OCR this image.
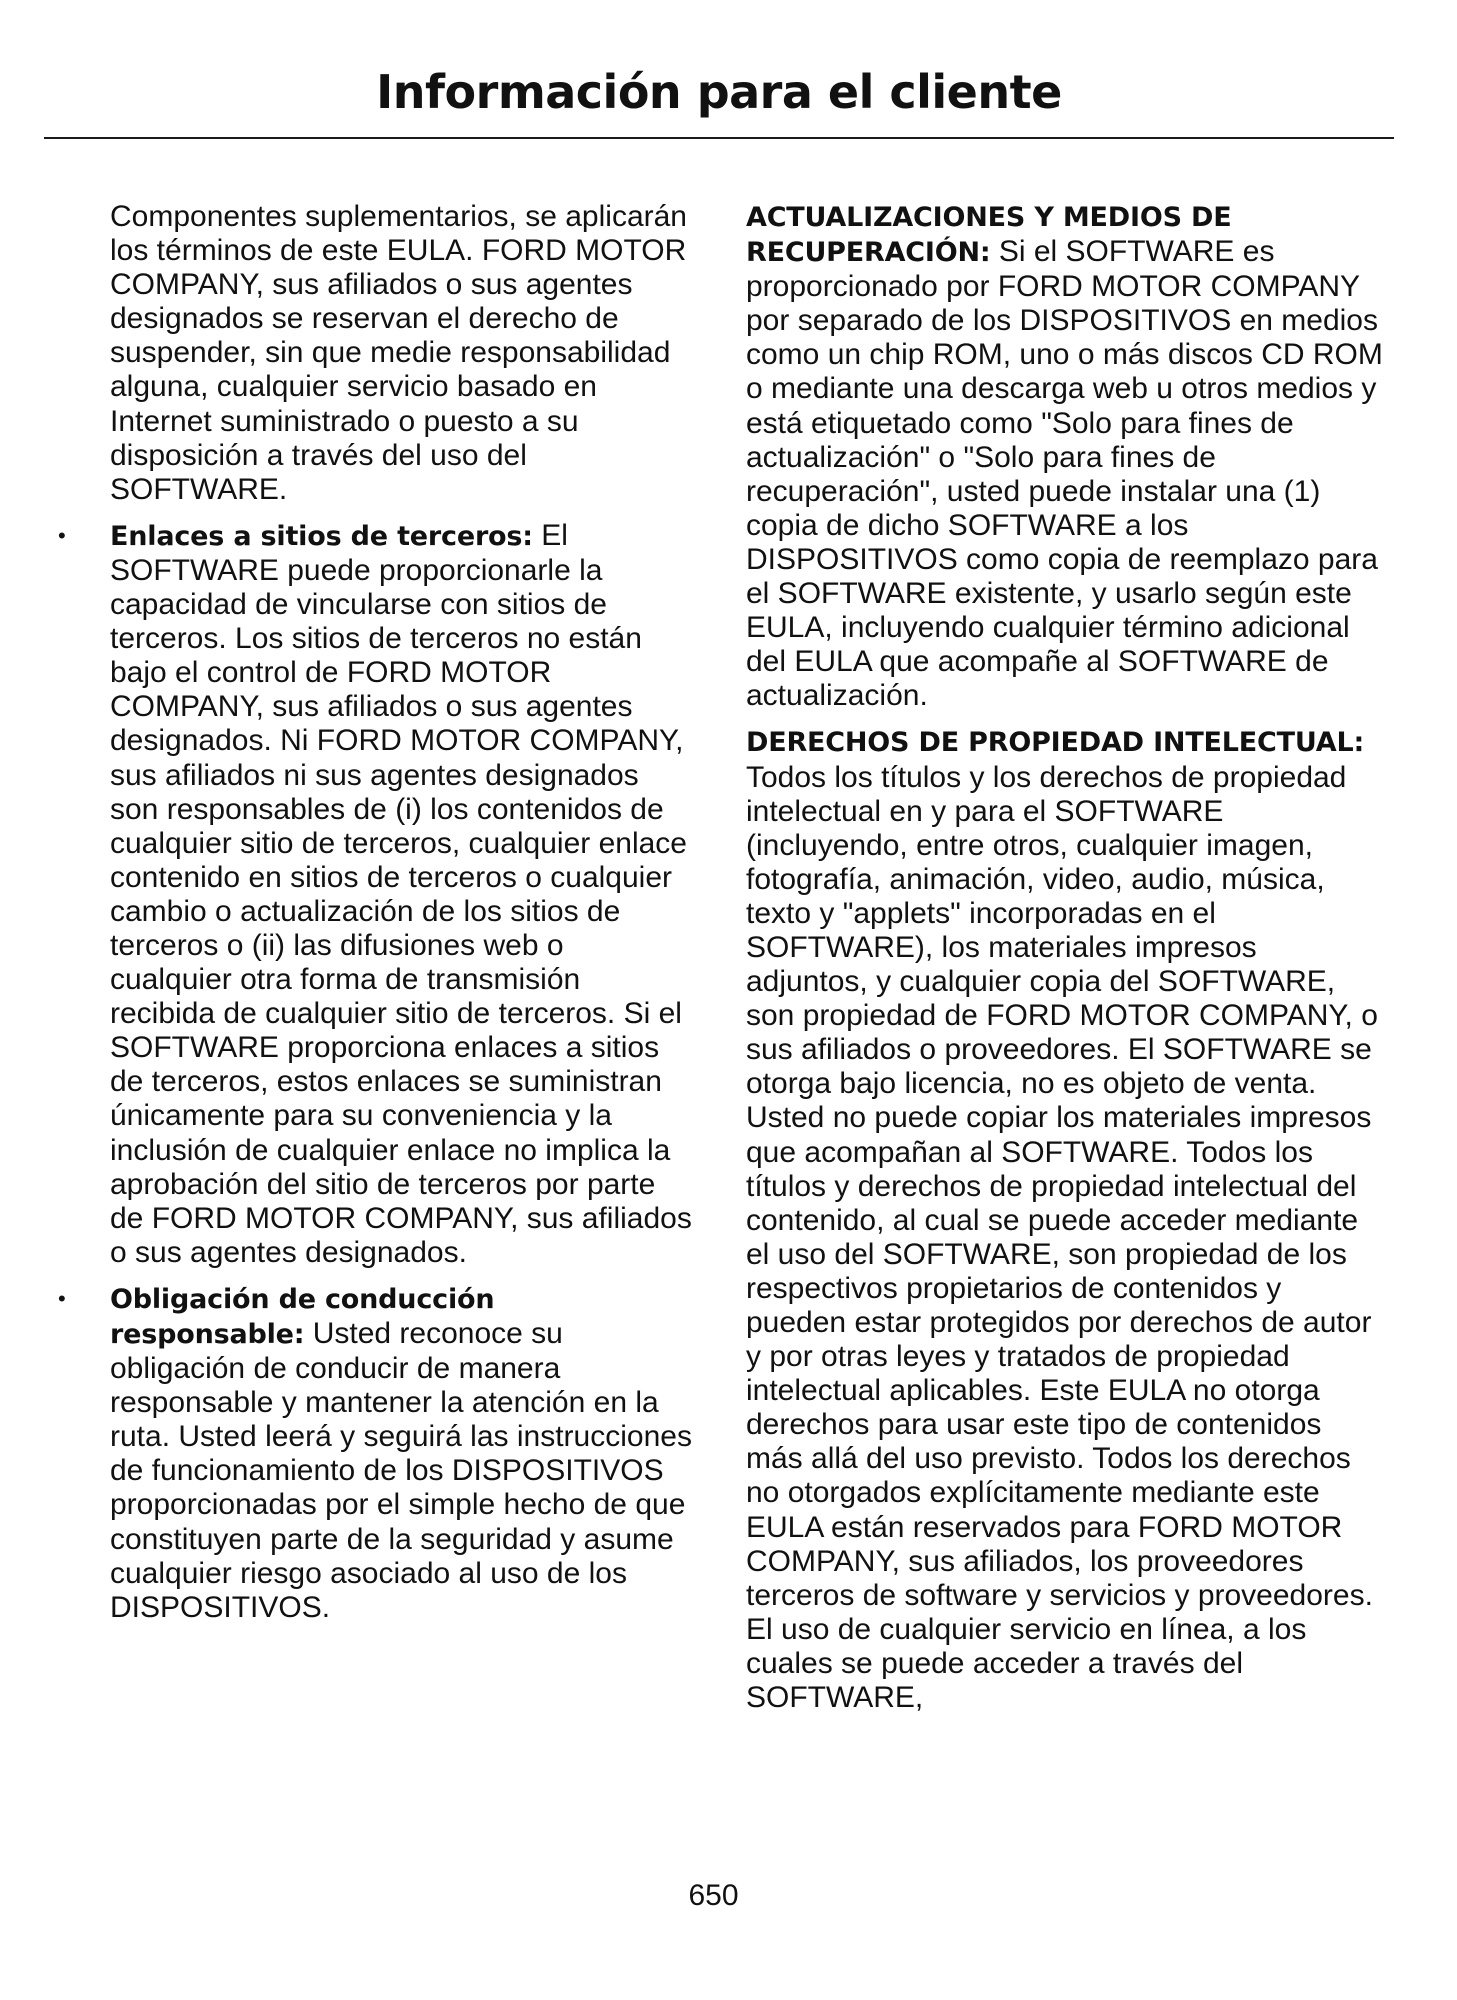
Información para el cliente

Componentes suplementarios, se aplicarán los términos de este EULA. FORD MOTOR COMPANY, sus afiliados o sus agentes designados se reservan el derecho de suspender, sin que medie responsabilidad alguna, cualquier servicio basado en Internet suministrado o puesto a su disposición a través del uso del SOFTWARE.

• Enlaces a sitios de terceros: El SOFTWARE puede proporcionarle la capacidad de vincularse con sitios de terceros. Los sitios de terceros no están bajo el control de FORD MOTOR COMPANY, sus afiliados o sus agentes designados. Ni FORD MOTOR COMPANY, sus afiliados ni sus agentes designados son responsables de (i) los contenidos de cualquier sitio de terceros, cualquier enlace contenido en sitios de terceros o cualquier cambio o actualización de los sitios de terceros o (ii) las difusiones web o cualquier otra forma de transmisión recibida de cualquier sitio de terceros. Si el SOFTWARE proporciona enlaces a sitios de terceros, estos enlaces se suministran únicamente para su conveniencia y la inclusión de cualquier enlace no implica la aprobación del sitio de terceros por parte de FORD MOTOR COMPANY, sus afiliados o sus agentes designados.

• Obligación de conducción responsable: Usted reconoce su obligación de conducir de manera responsable y mantener la atención en la ruta. Usted leerá y seguirá las instrucciones de funcionamiento de los DISPOSITIVOS proporcionadas por el simple hecho de que constituyen parte de la seguridad y asume cualquier riesgo asociado al uso de los DISPOSITIVOS.

ACTUALIZACIONES Y MEDIOS DE RECUPERACIÓN: Si el SOFTWARE es proporcionado por FORD MOTOR COMPANY por separado de los DISPOSITIVOS en medios como un chip ROM, uno o más discos CD ROM o mediante una descarga web u otros medios y está etiquetado como "Solo para fines de actualización" o "Solo para fines de recuperación", usted puede instalar una (1) copia de dicho SOFTWARE a los DISPOSITIVOS como copia de reemplazo para el SOFTWARE existente, y usarlo según este EULA, incluyendo cualquier término adicional del EULA que acompañe al SOFTWARE de actualización.

DERECHOS DE PROPIEDAD INTELECTUAL: Todos los títulos y los derechos de propiedad intelectual en y para el SOFTWARE (incluyendo, entre otros, cualquier imagen, fotografía, animación, video, audio, música, texto y "applets" incorporadas en el SOFTWARE), los materiales impresos adjuntos, y cualquier copia del SOFTWARE, son propiedad de FORD MOTOR COMPANY, o sus afiliados o proveedores. El SOFTWARE se otorga bajo licencia, no es objeto de venta. Usted no puede copiar los materiales impresos que acompañan al SOFTWARE. Todos los títulos y derechos de propiedad intelectual del contenido, al cual se puede acceder mediante el uso del SOFTWARE, son propiedad de los respectivos propietarios de contenidos y pueden estar protegidos por derechos de autor y por otras leyes y tratados de propiedad intelectual aplicables. Este EULA no otorga derechos para usar este tipo de contenidos más allá del uso previsto. Todos los derechos no otorgados explícitamente mediante este EULA están reservados para FORD MOTOR COMPANY, sus afiliados, los proveedores terceros de software y servicios y proveedores. El uso de cualquier servicio en línea, a los cuales se puede acceder a través del SOFTWARE,

650
